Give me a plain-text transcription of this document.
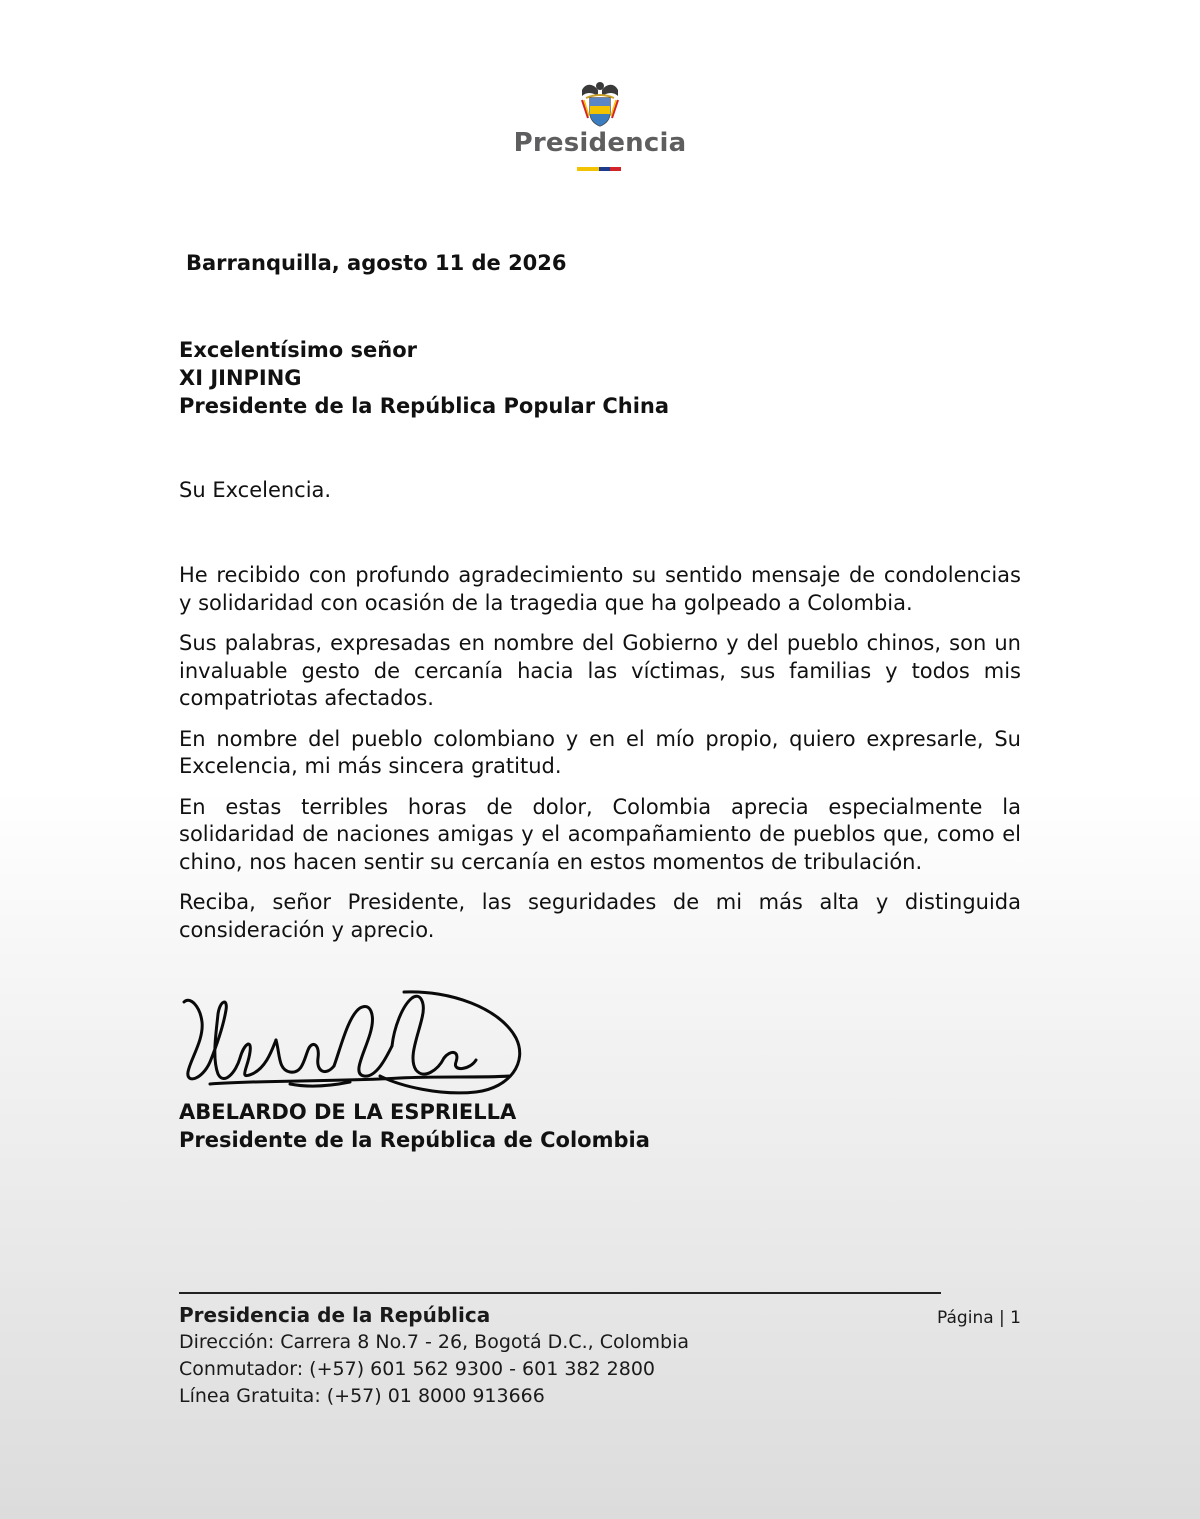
Presidencia
Barranquilla, agosto 11 de 2026
Excelentísimo señor
XI JINPING
Presidente de la República Popular China
Su Excelencia.

He recibido con profundo agradecimiento su sentido mensaje de condolencias y solidaridad con ocasión de la tragedia que ha golpeado a Colombia.

Sus palabras, expresadas en nombre del Gobierno y del pueblo chinos, son un invaluable gesto de cercanía hacia las víctimas, sus familias y todos mis compatriotas afectados.

En nombre del pueblo colombiano y en el mío propio, quiero expresarle, Su Excelencia, mi más sincera gratitud.

En estas terribles horas de dolor, Colombia aprecia especialmente la solidaridad de naciones amigas y el acompañamiento de pueblos que, como el chino, nos hacen sentir su cercanía en estos momentos de tribulación.

Reciba, señor Presidente, las seguridades de mi más alta y distinguida consideración y aprecio.

ABELARDO DE LA ESPRIELLA
Presidente de la República de Colombia
Presidencia de la República
Dirección: Carrera 8 No.7 - 26, Bogotá D.C., Colombia
Conmutador: (+57) 601 562 9300 - 601 382 2800
Línea Gratuita: (+57) 01 8000 913666
Página | 1
